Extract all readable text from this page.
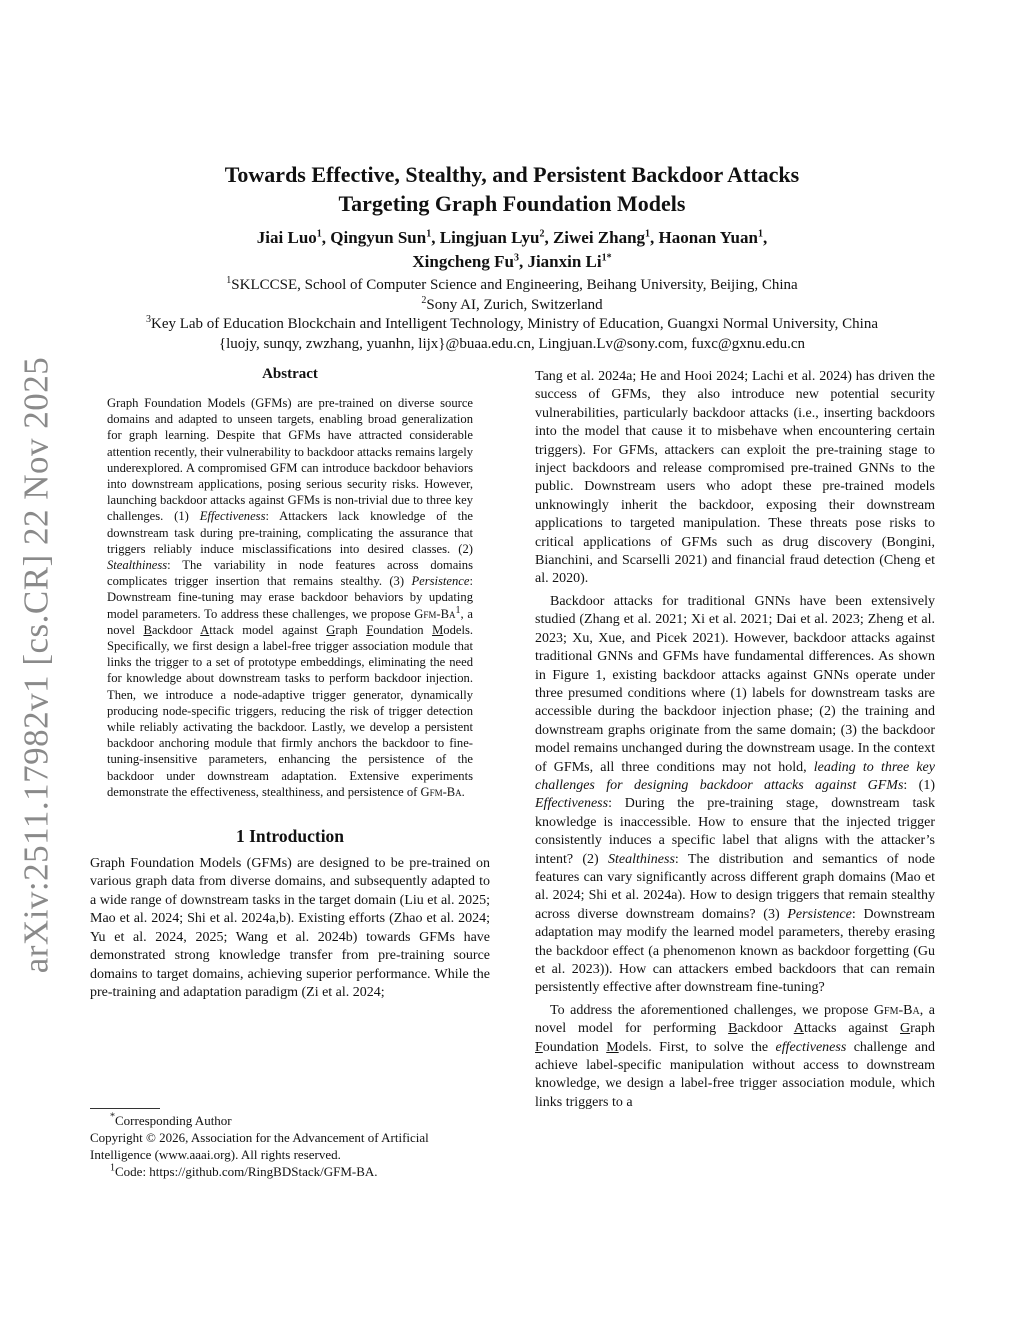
arXiv:2511.17982v1 [cs.CR] 22 Nov 2025
Towards Effective, Stealthy, and Persistent Backdoor Attacks
Targeting Graph Foundation Models
Jiai Luo$^1$, Qingyun Sun$^1$, Lingjuan Lyu$^2$, Ziwei Zhang$^1$, Haonan Yuan$^1$,
Xingcheng Fu$^3$, Jianxin $Li^{1*}$
$^1$SKLCCSE, School of Computer Science and Engineering, Beihang University, Beijing, China
$^2$Sony AI, Zurich, Switzerland
$^3$Key Lab of Education Blockchain and Intelligent Technology, Ministry of Education, Guangxi Normal University, China
{luojy, sunqy, zwzhang, yuanhn, lijx}@buaa.edu.cn, Lingjuan.Lv@sony.com, fuxc@gxnu.edu.cn
Abstract

Graph Foundation Models (GFMs) are pre-trained on diverse source domains and adapted to unseen targets, enabling broad generalization for graph learning. Despite that GFMs have attracted considerable attention recently, their vulnerability to backdoor attacks remains largely underexplored. A compromised GFM can introduce backdoor behaviors into downstream applications, posing serious security risks. However, launching backdoor attacks against GFMs is non-trivial due to three key challenges. (1) Effectiveness: Attackers lack knowledge of the downstream task during pre-training, complicating the assurance that triggers reliably induce misclassifications into desired classes. (2) Stealthiness: The variability in node features across domains complicates trigger insertion that remains stealthy. (3) Persistence: Downstream fine-tuning may erase backdoor behaviors by updating model parameters. To address these challenges, we propose Gfm-Ba$^1$, a novel Backdoor Attack model against Graph Foundation Models. Specifically, we first design a label-free trigger association module that links the trigger to a set of prototype embeddings, eliminating the need for knowledge about downstream tasks to perform backdoor injection. Then, we introduce a node-adaptive trigger generator, dynamically producing node-specific triggers, reducing the risk of trigger detection while reliably activating the backdoor. Lastly, we develop a persistent backdoor anchoring module that firmly anchors the backdoor to fine-tuning-insensitive parameters, enhancing the persistence of the backdoor under downstream adaptation. Extensive experiments demonstrate the effectiveness, stealthiness, and persistence of Gfm-Ba.

1 Introduction

Graph Foundation Models (GFMs) are designed to be pre-trained on various graph data from diverse domains, and subsequently adapted to a wide range of downstream tasks in the target domain (Liu et al. 2025; Mao et al. 2024; Shi et al. 2024a,b). Existing efforts (Zhao et al. 2024; Yu et al. 2024, 2025; Wang et al. 2024b) towards GFMs have demonstrated strong knowledge transfer from pre-training source domains to target domains, achieving superior performance. While the pre-training and adaptation paradigm (Zi et al. 2024;

*Corresponding Author
Copyright © 2026, Association for the Advancement of Artificial Intelligence (www.aaai.org). All rights reserved.
$^1$Code: https://github.com/RingBDStack/GFM-BA.

Tang et al. 2024a; He and Hooi 2024; Lachi et al. 2024) has driven the success of GFMs, they also introduce new potential security vulnerabilities, particularly backdoor attacks (i.e., inserting backdoors into the model that cause it to misbehave when encountering certain triggers). For GFMs, attackers can exploit the pre-training stage to inject backdoors and release compromised pre-trained GNNs to the public. Downstream users who adopt these pre-trained models unknowingly inherit the backdoor, exposing their downstream applications to targeted manipulation. These threats pose risks to critical applications of GFMs such as drug discovery (Bongini, Bianchini, and Scarselli 2021) and financial fraud detection (Cheng et al. 2020).

Backdoor attacks for traditional GNNs have been extensively studied (Zhang et al. 2021; Xi et al. 2021; Dai et al. 2023; Zheng et al. 2023; Xu, Xue, and Picek 2021). However, backdoor attacks against traditional GNNs and GFMs have fundamental differences. As shown in Figure 1, existing backdoor attacks against GNNs operate under three presumed conditions where (1) labels for downstream tasks are accessible during the backdoor injection phase; (2) the training and downstream graphs originate from the same domain; (3) the backdoor model remains unchanged during the downstream usage. In the context of GFMs, all three conditions may not hold, leading to three key challenges for designing backdoor attacks against GFMs: (1) Effectiveness: During the pre-training stage, downstream task knowledge is inaccessible. How to ensure that the injected trigger consistently induces a specific label that aligns with the attacker’s intent? (2) Stealthiness: The distribution and semantics of node features can vary significantly across different graph domains (Mao et al. 2024; Shi et al. 2024a). How to design triggers that remain stealthy across diverse downstream domains? (3) Persistence: Downstream adaptation may modify the learned model parameters, thereby erasing the backdoor effect (a phenomenon known as backdoor forgetting (Gu et al. 2023)). How can attackers embed backdoors that can remain persistently effective after downstream fine-tuning?

To address the aforementioned challenges, we propose Gfm-Ba, a novel model for performing Backdoor Attacks against Graph Foundation Models. First, to solve the effectiveness challenge and achieve label-specific manipulation without access to downstream knowledge, we design a label-free trigger association module, which links triggers to a
